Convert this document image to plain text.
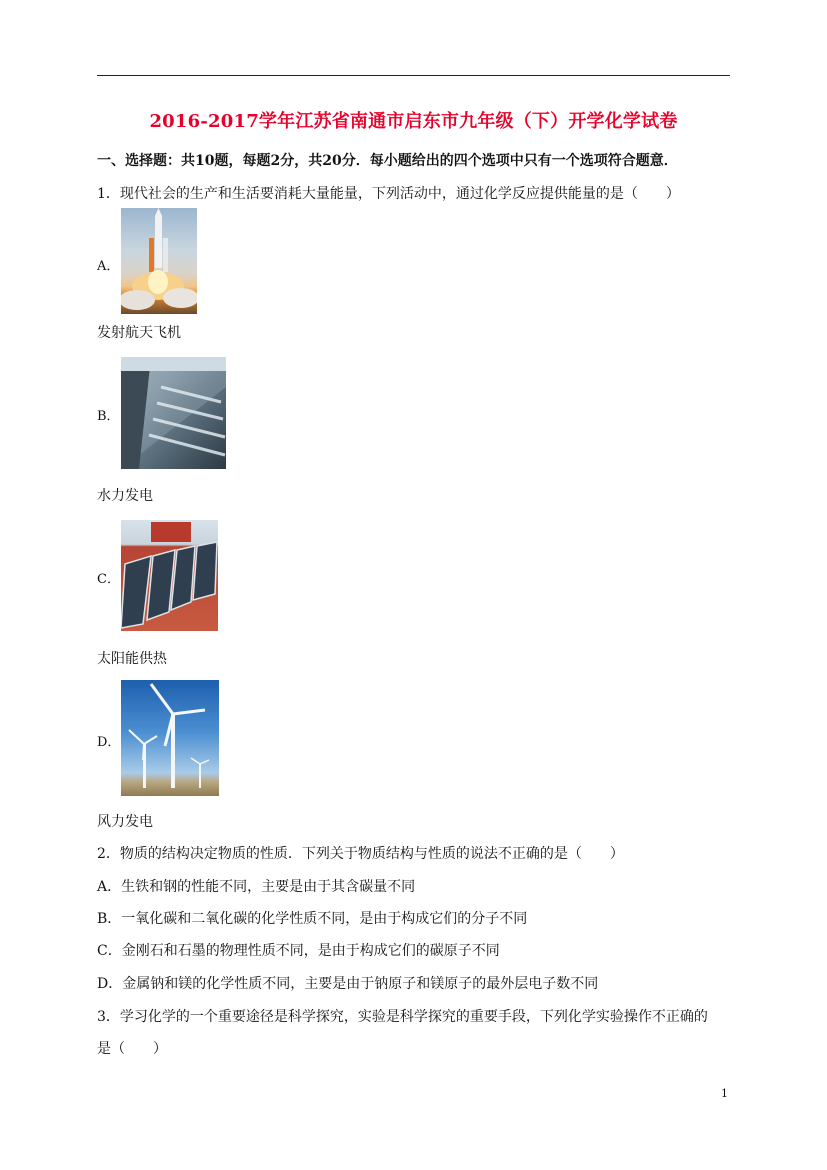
2016-2017学年江苏省南通市启东市九年级（下）开学化学试卷
一、选择题：共10题，每题2分，共20分．每小题给出的四个选项中只有一个选项符合题意．
1．现代社会的生产和生活要消耗大量能量，下列活动中，通过化学反应提供能量的是（　　）
A．
发射航天飞机
B．
水力发电
C．
太阳能供热
D．
风力发电
2．物质的结构决定物质的性质．下列关于物质结构与性质的说法不正确的是（　　）
A．生铁和钢的性能不同，主要是由于其含碳量不同
B．一氧化碳和二氧化碳的化学性质不同，是由于构成它们的分子不同
C．金刚石和石墨的物理性质不同，是由于构成它们的碳原子不同
D．金属钠和镁的化学性质不同，主要是由于钠原子和镁原子的最外层电子数不同
3．学习化学的一个重要途径是科学探究，实验是科学探究的重要手段，下列化学实验操作不正确的
是（　　）
1
